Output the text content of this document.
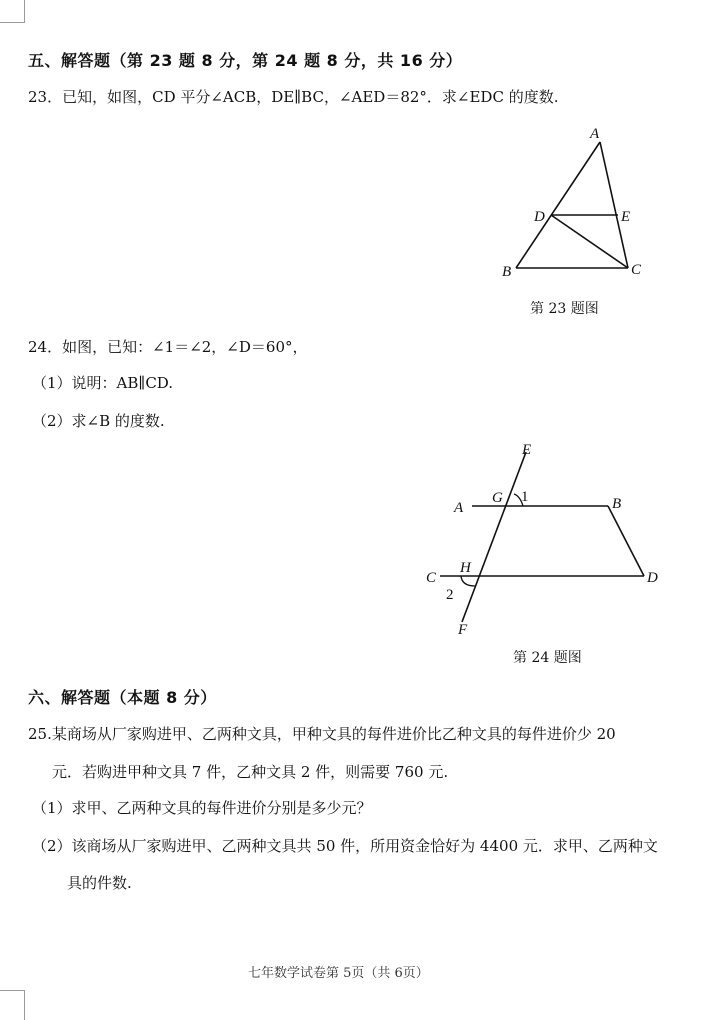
五、解答题（第 23 题 8 分，第 24 题 8 分，共 16 分）
23．已知，如图，CD 平分∠ACB，DE∥BC，∠AED＝82°．求∠EDC 的度数.
A
D	E
B	C
第 23 题图
24．如图，已知：∠1＝∠2，∠D＝60°，
（1）说明：AB∥CD.
（2）求∠B 的度数.
E
A
G 1	B
C
H
D
2
F
第 24 题图
六、解答题（本题 8 分）
25.某商场从厂家购进甲、乙两种文具，甲种文具的每件进价比乙种文具的每件进价少 20
元．若购进甲种文具 7 件，乙种文具 2 件，则需要 760 元.
（1）求甲、乙两种文具的每件进价分别是多少元？
（2）该商场从厂家购进甲、乙两种文具共 50 件，所用资金恰好为 4400 元．求甲、乙两种文
具的件数.
七年数学试卷第 5页（共 6页）
